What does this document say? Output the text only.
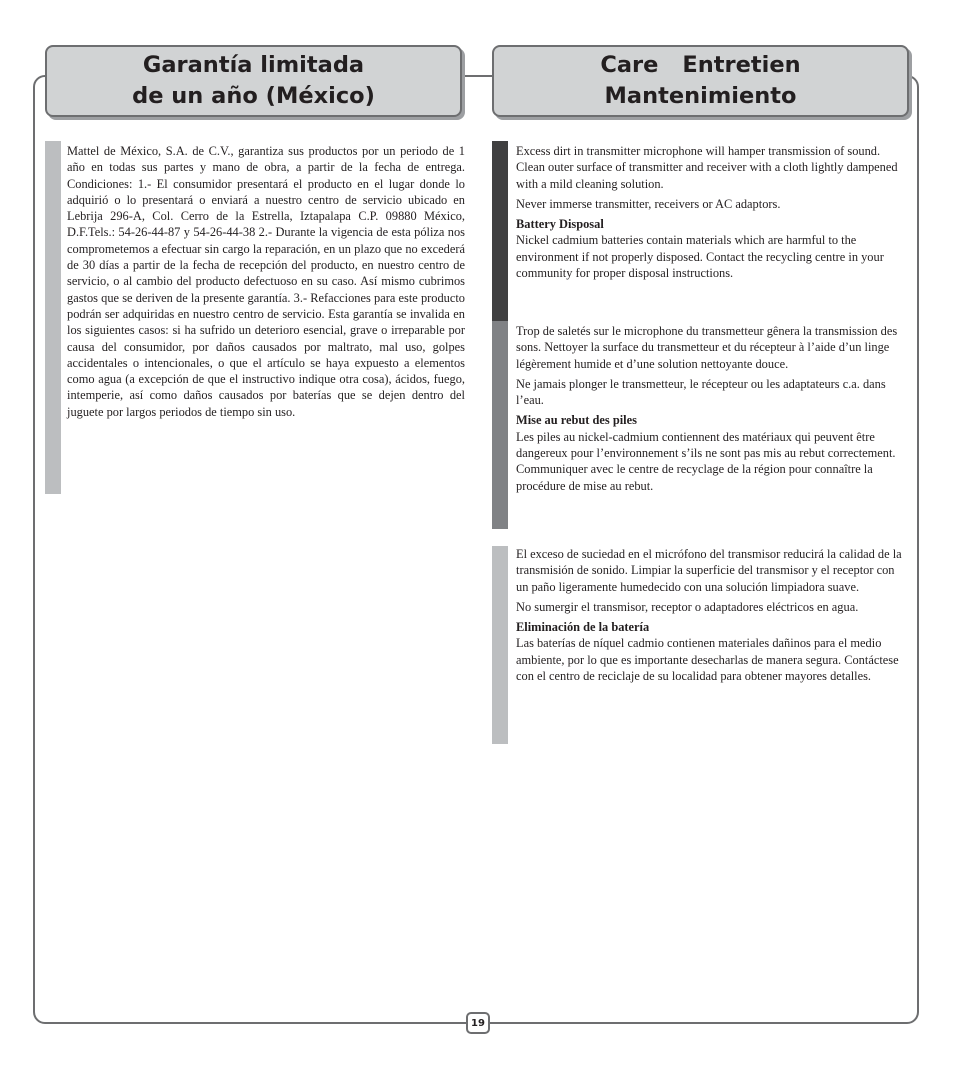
Garantía limitada
de un año (México)
Care Entretien
Mantenimiento

Mattel de México, S.A. de C.V., garantiza sus productos por un periodo de 1 año en todas sus partes y mano de obra, a partir de la fecha de entrega. Condiciones: 1.- El consumidor presentará el producto en el lugar donde lo adquirió o lo presentará o enviará a nuestro centro de servicio ubicado en Lebrija 296-A, Col. Cerro de la Estrella, Iztapalapa C.P. 09880 México, D.F.Tels.: 54-26-44-87 y 54-26-44-38 2.- Durante la vigencia de esta póliza nos comprometemos a efectuar sin cargo la reparación, en un plazo que no excederá de 30 días a partir de la fecha de recepción del producto, en nuestro centro de servicio, o al cambio del producto defectuoso en su caso. Así mismo cubrimos gastos que se deriven de la presente garantía. 3.- Refacciones para este producto podrán ser adquiridas en nuestro centro de servicio. Esta garantía se invalida en los siguientes casos: si ha sufrido un deterioro esencial, grave o irreparable por causa del consumidor, por daños causados por maltrato, mal uso, golpes accidentales o intencionales, o que el artículo se haya expuesto a elementos como agua (a excepción de que el instructivo indique otra cosa), ácidos, fuego, intemperie, así como daños causados por baterías que se dejen dentro del juguete por largos periodos de tiempo sin uso.

Excess dirt in transmitter microphone will hamper transmission of sound. Clean outer surface of transmitter and receiver with a cloth lightly dampened with a mild cleaning solution.

Never immerse transmitter, receivers or AC adaptors.

Battery Disposal

Nickel cadmium batteries contain materials which are harmful to the environment if not properly disposed. Contact the recycling centre in your community for proper disposal instructions.

Trop de saletés sur le microphone du transmetteur gênera la transmission des sons. Nettoyer la surface du transmetteur et du récepteur à l’aide d’un linge légèrement humide et d’une solution nettoyante douce.

Ne jamais plonger le transmetteur, le récepteur ou les adaptateurs c.a. dans l’eau.

Mise au rebut des piles

Les piles au nickel-cadmium contiennent des matériaux qui peuvent être dangereux pour l’environnement s’ils ne sont pas mis au rebut correctement. Communiquer avec le centre de recyclage de la région pour connaître la procédure de mise au rebut.

El exceso de suciedad en el micrófono del transmisor reducirá la calidad de la transmisión de sonido. Limpiar la superficie del transmisor y el receptor con un paño ligeramente humedecido con una solución limpiadora suave.

No sumergir el transmisor, receptor o adaptadores eléctricos en agua.

Eliminación de la batería

Las baterías de níquel cadmio contienen materiales dañinos para el medio ambiente, por lo que es importante desecharlas de manera segura. Contáctese con el centro de reciclaje de su localidad para obtener mayores detalles.

19
